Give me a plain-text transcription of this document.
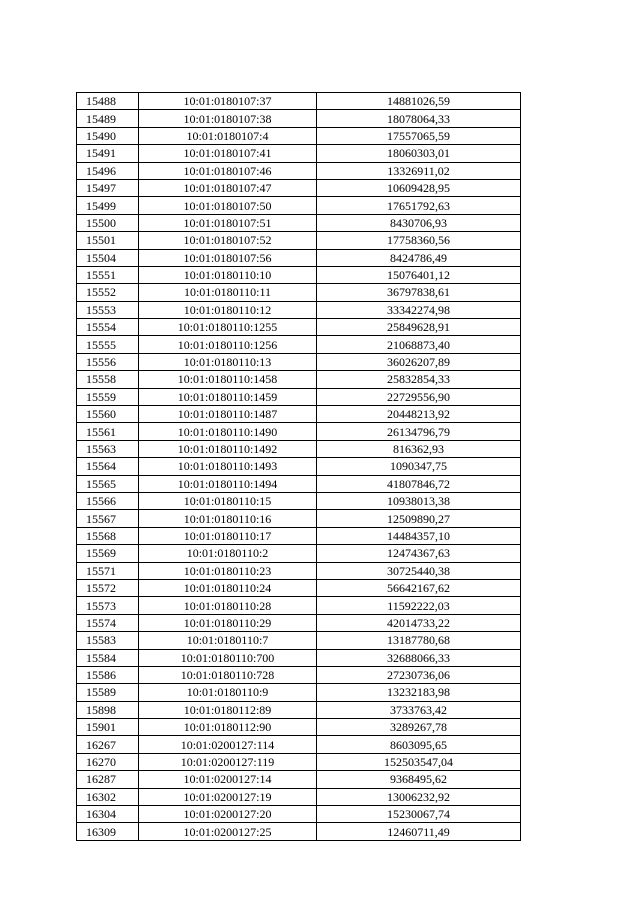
15488	10:01:0180107:37	14881026,59
15489	10:01:0180107:38	18078064,33
15490	10:01:0180107:4	17557065,59
15491	10:01:0180107:41	18060303,01
15496	10:01:0180107:46	13326911,02
15497	10:01:0180107:47	10609428,95
15499	10:01:0180107:50	17651792,63
15500	10:01:0180107:51	8430706,93
15501	10:01:0180107:52	17758360,56
15504	10:01:0180107:56	8424786,49
15551	10:01:0180110:10	15076401,12
15552	10:01:0180110:11	36797838,61
15553	10:01:0180110:12	33342274,98
15554	10:01:0180110:1255	25849628,91
15555	10:01:0180110:1256	21068873,40
15556	10:01:0180110:13	36026207,89
15558	10:01:0180110:1458	25832854,33
15559	10:01:0180110:1459	22729556,90
15560	10:01:0180110:1487	20448213,92
15561	10:01:0180110:1490	26134796,79
15563	10:01:0180110:1492	816362,93
15564	10:01:0180110:1493	1090347,75
15565	10:01:0180110:1494	41807846,72
15566	10:01:0180110:15	10938013,38
15567	10:01:0180110:16	12509890,27
15568	10:01:0180110:17	14484357,10
15569	10:01:0180110:2	12474367,63
15571	10:01:0180110:23	30725440,38
15572	10:01:0180110:24	56642167,62
15573	10:01:0180110:28	11592222,03
15574	10:01:0180110:29	42014733,22
15583	10:01:0180110:7	13187780,68
15584	10:01:0180110:700	32688066,33
15586	10:01:0180110:728	27230736,06
15589	10:01:0180110:9	13232183,98
15898	10:01:0180112:89	3733763,42
15901	10:01:0180112:90	3289267,78
16267	10:01:0200127:114	8603095,65
16270	10:01:0200127:119	152503547,04
16287	10:01:0200127:14	9368495,62
16302	10:01:0200127:19	13006232,92
16304	10:01:0200127:20	15230067,74
16309	10:01:0200127:25	12460711,49
